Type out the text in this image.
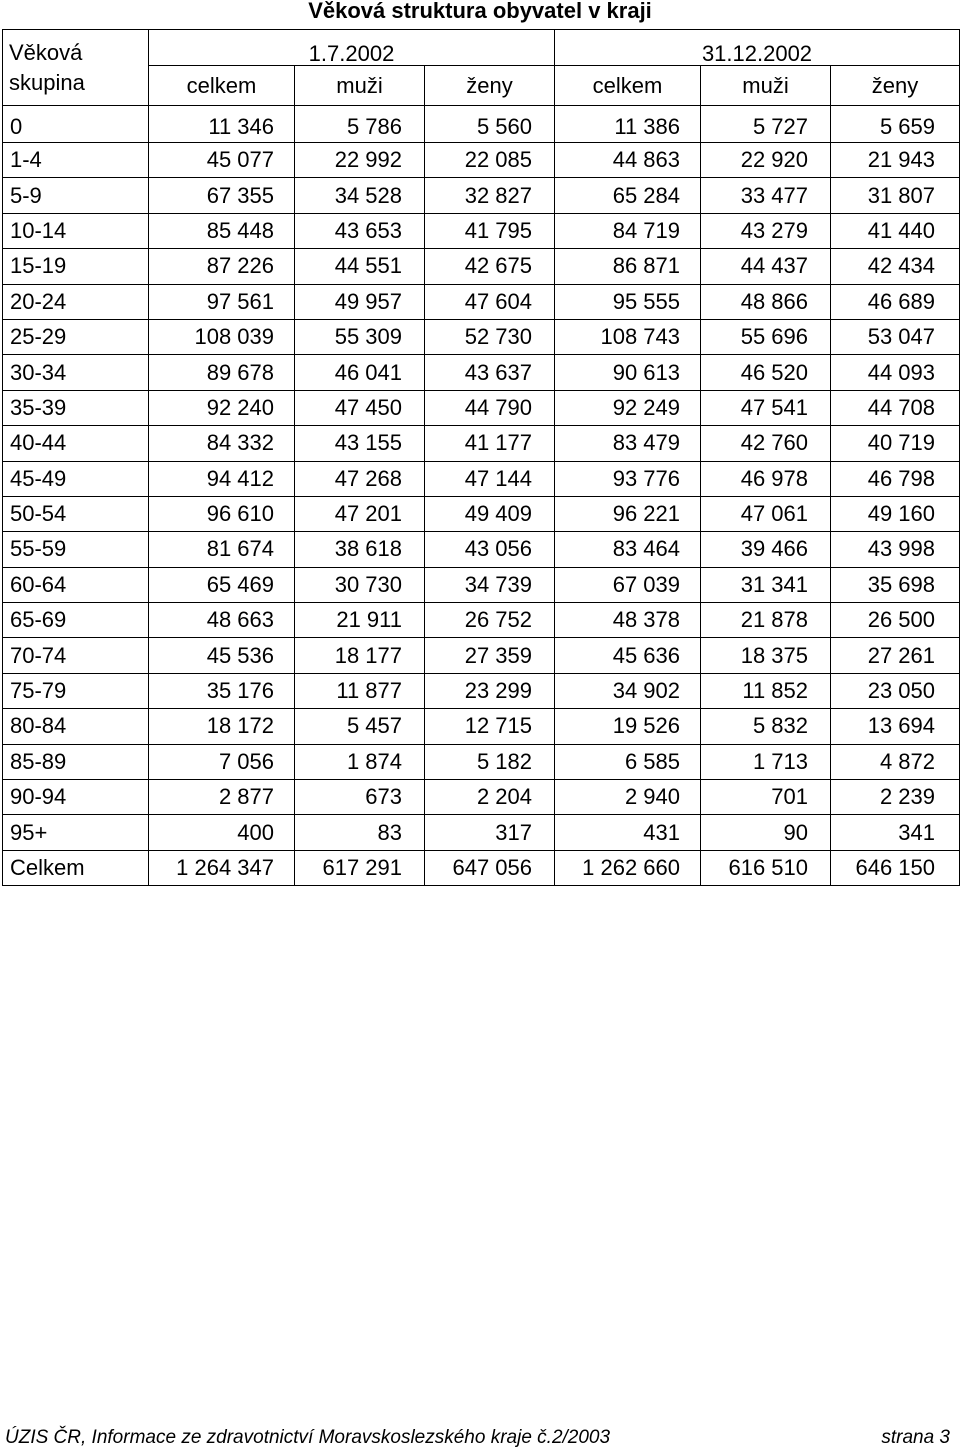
Věková struktura obyvatel v kraji
Věková
skupina	1.7.2002			31.12.2002		
	celkem	muži	ženy	celkem	muži	ženy
0	11 346	5 786	5 560	11 386	5 727	5 659
1-4	45 077	22 992	22 085	44 863	22 920	21 943
5-9	67 355	34 528	32 827	65 284	33 477	31 807
10-14	85 448	43 653	41 795	84 719	43 279	41 440
15-19	87 226	44 551	42 675	86 871	44 437	42 434
20-24	97 561	49 957	47 604	95 555	48 866	46 689
25-29	108 039	55 309	52 730	108 743	55 696	53 047
30-34	89 678	46 041	43 637	90 613	46 520	44 093
35-39	92 240	47 450	44 790	92 249	47 541	44 708
40-44	84 332	43 155	41 177	83 479	42 760	40 719
45-49	94 412	47 268	47 144	93 776	46 978	46 798
50-54	96 610	47 201	49 409	96 221	47 061	49 160
55-59	81 674	38 618	43 056	83 464	39 466	43 998
60-64	65 469	30 730	34 739	67 039	31 341	35 698
65-69	48 663	21 911	26 752	48 378	21 878	26 500
70-74	45 536	18 177	27 359	45 636	18 375	27 261
75-79	35 176	11 877	23 299	34 902	11 852	23 050
80-84	18 172	5 457	12 715	19 526	5 832	13 694
85-89	7 056	1 874	5 182	6 585	1 713	4 872
90-94	2 877	673	2 204	2 940	701	2 239
95+	400	83	317	431	90	341
Celkem	1 264 347	617 291	647 056	1 262 660	616 510	646 150
ÚZIS ČR, Informace ze zdravotnictví Moravskoslezského kraje č.2/2003	strana 3
